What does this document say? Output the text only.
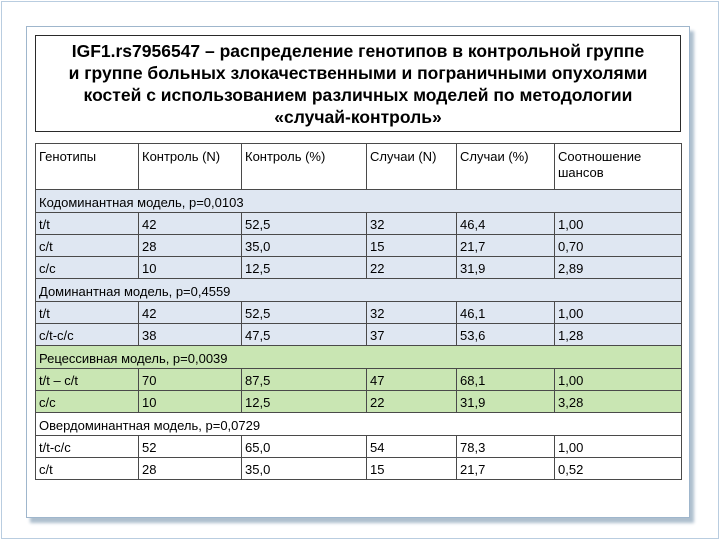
IGF1.rs7956547 – распределение генотипов в контрольной группе
и группе больных злокачественными и пограничными опухолями
костей с использованием различных моделей по методологии
«случай-контроль»
Генотипы	Контроль (N)	Контроль (%)	Случаи (N)	Случаи (%)	Соотношение шансов
Кодоминантная модель, p=0,0103					
t/t	42	52,5	32	46,4	1,00
c/t	28	35,0	15	21,7	0,70
c/c	10	12,5	22	31,9	2,89
Доминантная модель, p=0,4559					
t/t	42	52,5	32	46,1	1,00
c/t-c/c	38	47,5	37	53,6	1,28
Рецессивная модель, p=0,0039					
t/t – c/t	70	87,5	47	68,1	1,00
c/c	10	12,5	22	31,9	3,28
Овердоминантная модель, p=0,0729					
t/t-c/c	52	65,0	54	78,3	1,00
c/t	28	35,0	15	21,7	0,52
